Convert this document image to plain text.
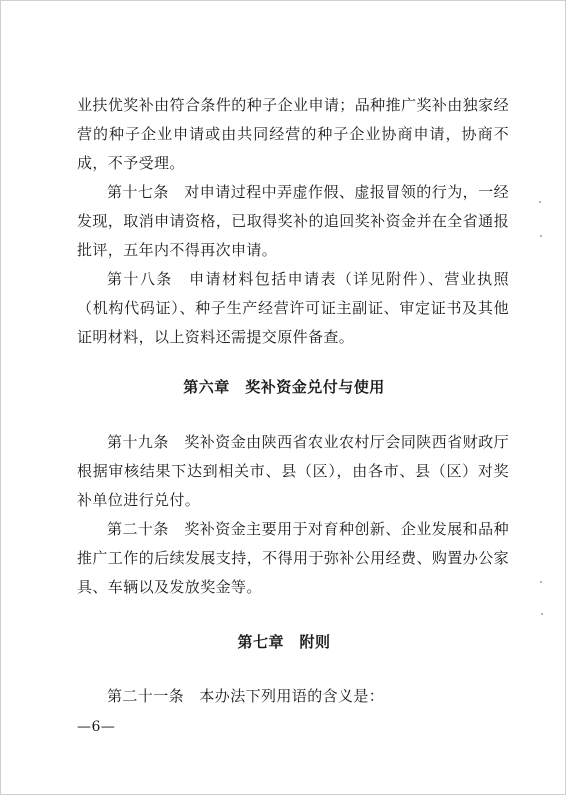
业扶优奖补由符合条件的种子企业申请；品种推广奖补由独家经营的种子企业申请或由共同经营的种子企业协商申请，协商不成，不予受理。

第十七条　对申请过程中弄虚作假、虚报冒领的行为，一经发现，取消申请资格，已取得奖补的追回奖补资金并在全省通报批评，五年内不得再次申请。

第十八条　申请材料包括申请表（详见附件）、营业执照（机构代码证）、种子生产经营许可证主副证、审定证书及其他证明材料，以上资料还需提交原件备查。

第六章　奖补资金兑付与使用

第十九条　奖补资金由陕西省农业农村厅会同陕西省财政厅根据审核结果下达到相关市、县（区），由各市、县（区）对奖补单位进行兑付。

第二十条　奖补资金主要用于对育种创新、企业发展和品种推广工作的后续发展支持，不得用于弥补公用经费、购置办公家具、车辆以及发放奖金等。

第七章　附则

第二十一条　本办法下列用语的含义是：

—6—
